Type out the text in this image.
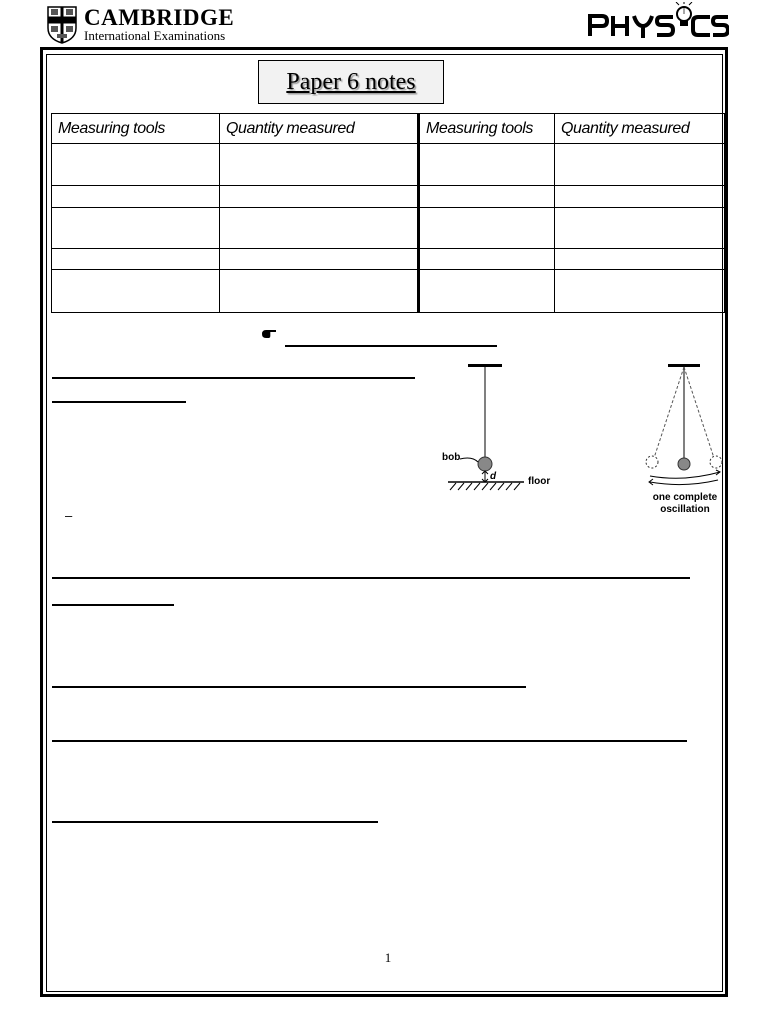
CAMBRIDGE
International Examinations
Paper 6 notes
Measuring tools	Quantity measured	Measuring tools	Quantity measured

bob
d	floor
one complete
oscillation
–
1
